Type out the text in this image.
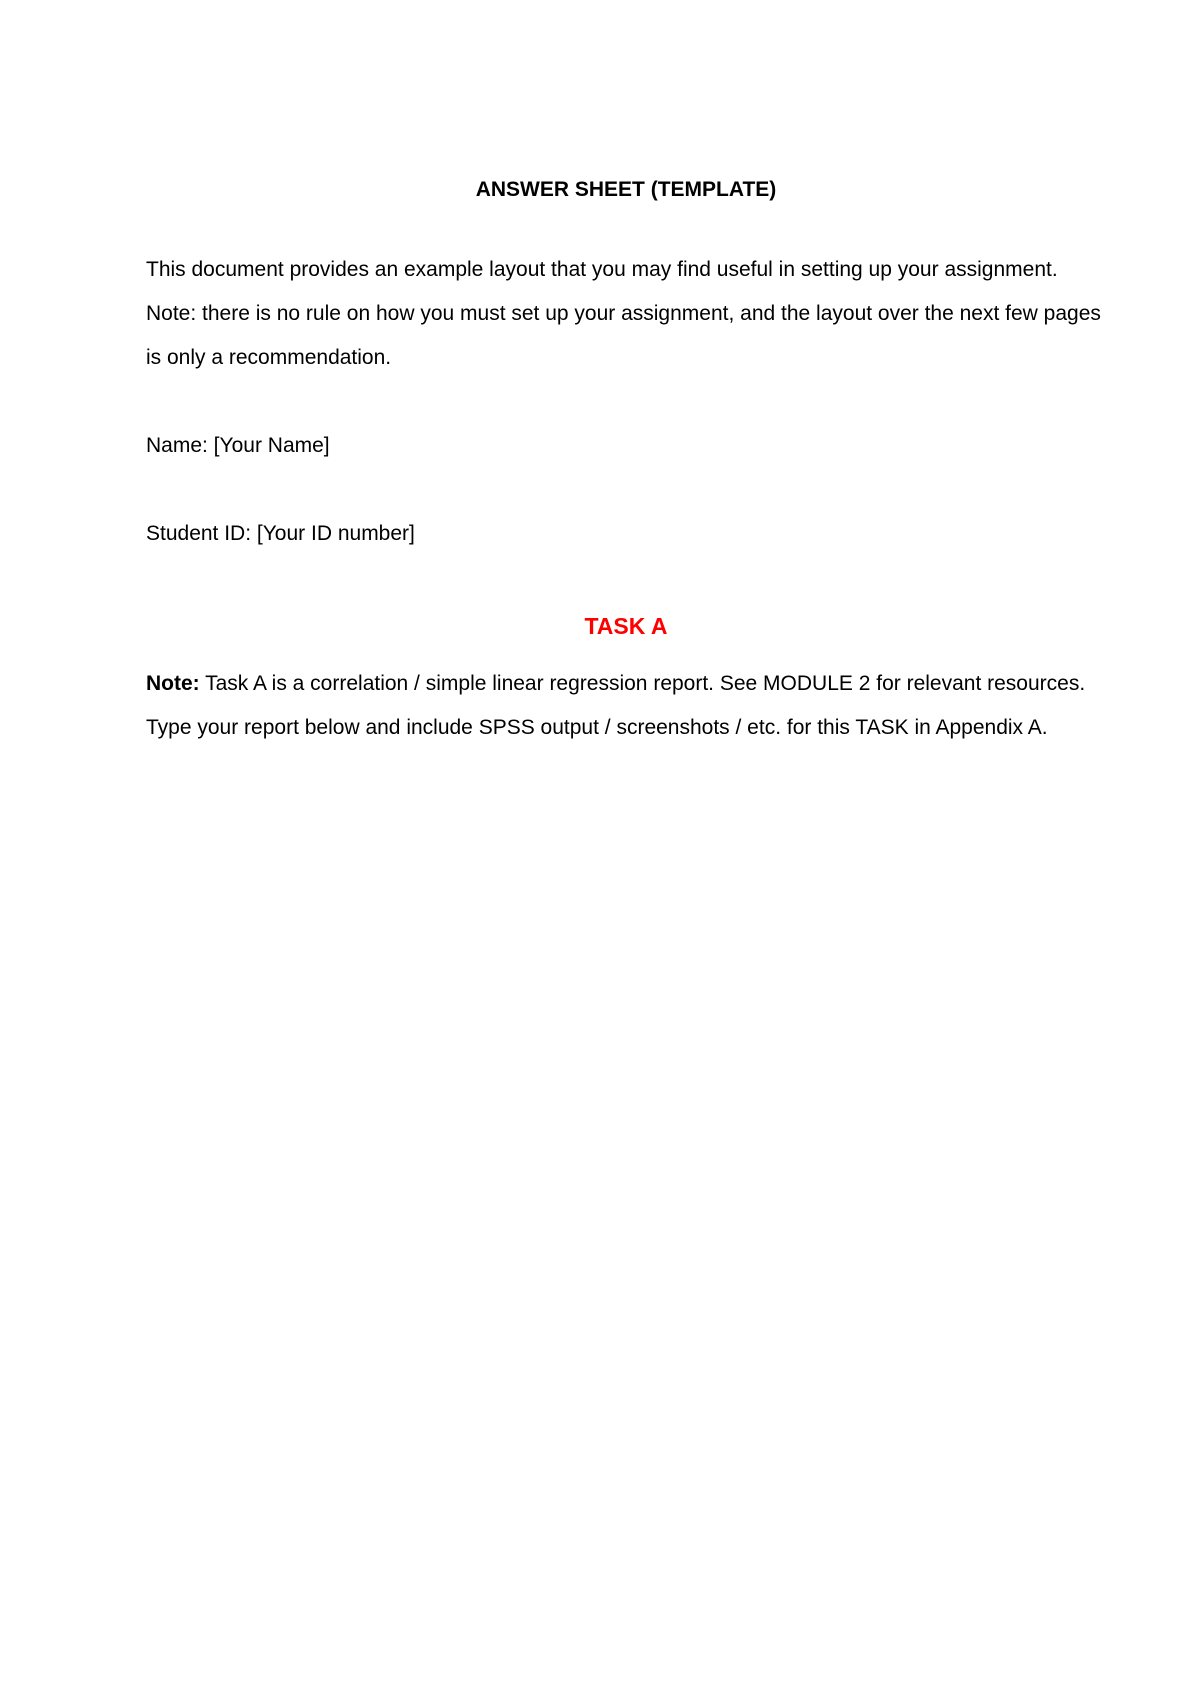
ANSWER SHEET (TEMPLATE)
This document provides an example layout that you may find useful in setting up your assignment. Note: there is no rule on how you must set up your assignment, and the layout over the next few pages is only a recommendation.
Name: [Your Name]
Student ID: [Your ID number]
TASK A
Note: Task A is a correlation / simple linear regression report. See MODULE 2 for relevant resources. Type your report below and include SPSS output / screenshots / etc. for this TASK in Appendix A.
